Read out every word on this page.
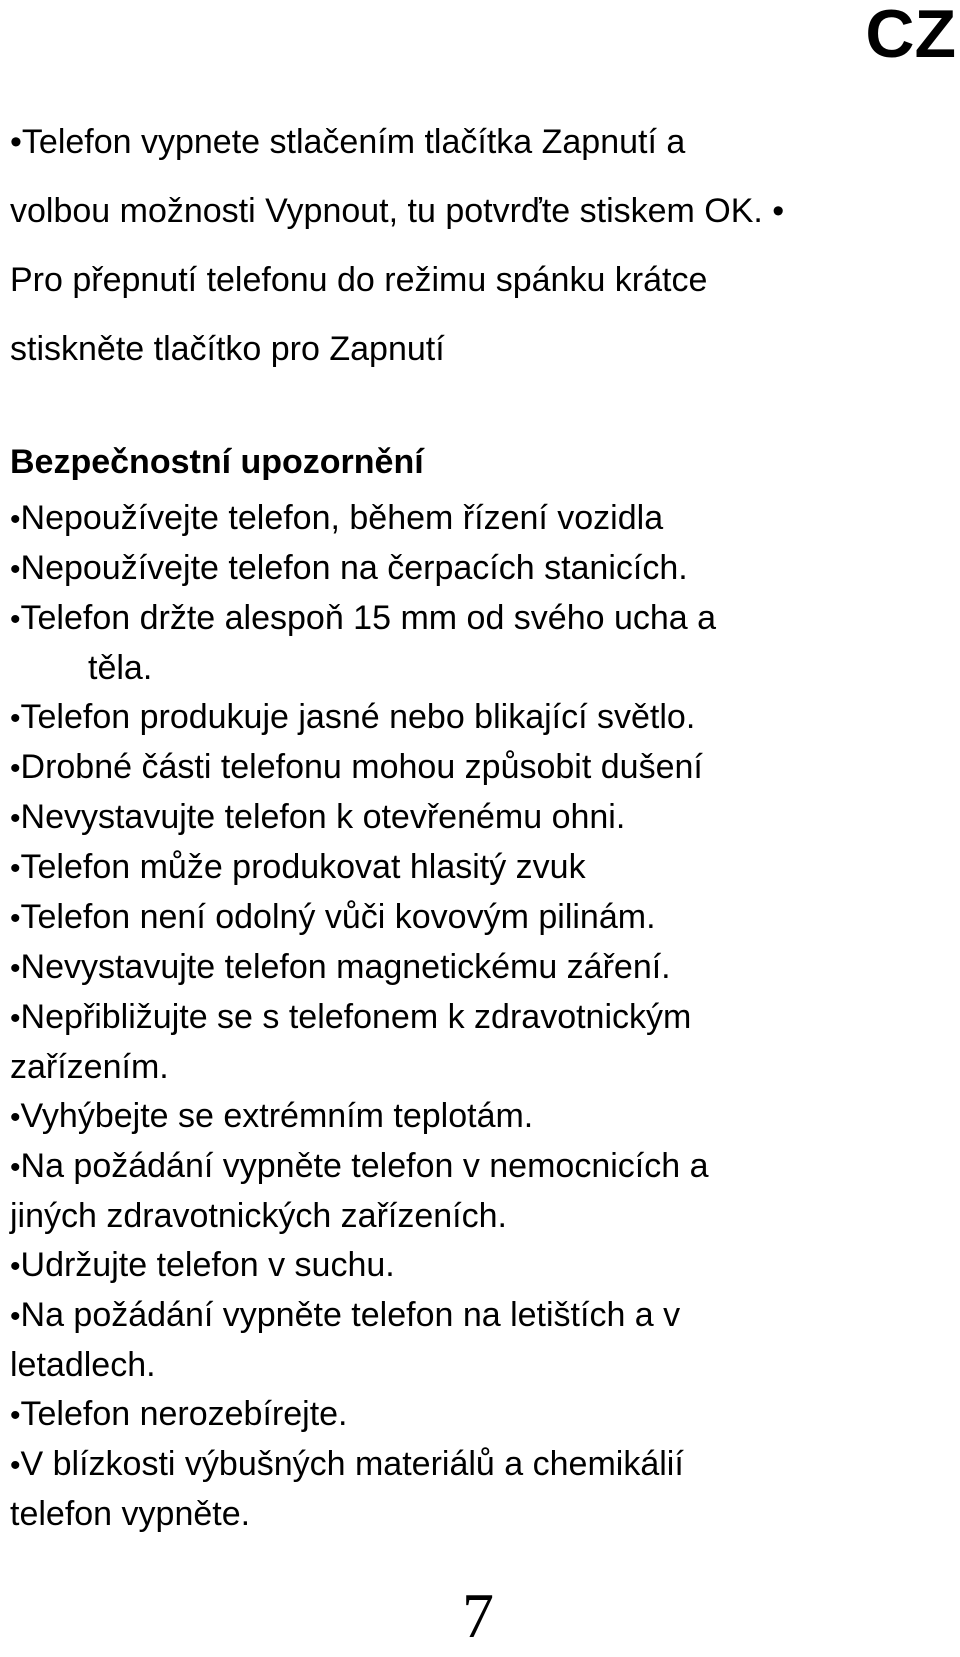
CZ
•Telefon vypnete stlačením tlačítka Zapnutí a
volbou možnosti Vypnout, tu potvrďte stiskem OK. •
Pro přepnutí telefonu do režimu spánku krátce
stiskněte tlačítko pro Zapnutí
Bezpečnostní upozornění
•Nepoužívejte telefon, během řízení vozidla
•Nepoužívejte telefon na čerpacích stanicích.
•Telefon držte alespoň 15 mm od svého ucha a
těla.
•Telefon produkuje jasné nebo blikající světlo.
•Drobné části telefonu mohou způsobit dušení
•Nevystavujte telefon k otevřenému ohni.
•Telefon může produkovat hlasitý zvuk
•Telefon není odolný vůči kovovým pilinám.
•Nevystavujte telefon magnetickému záření.
•Nepřibližujte se s telefonem k zdravotnickým
zařízením.
•Vyhýbejte se extrémním teplotám.
•Na požádání vypněte telefon v nemocnicích a
jiných zdravotnických zařízeních.
•Udržujte telefon v suchu.
•Na požádání vypněte telefon na letištích a v
letadlech.
•Telefon nerozebírejte.
•V blízkosti výbušných materiálů a chemikálií
telefon vypněte.
7
